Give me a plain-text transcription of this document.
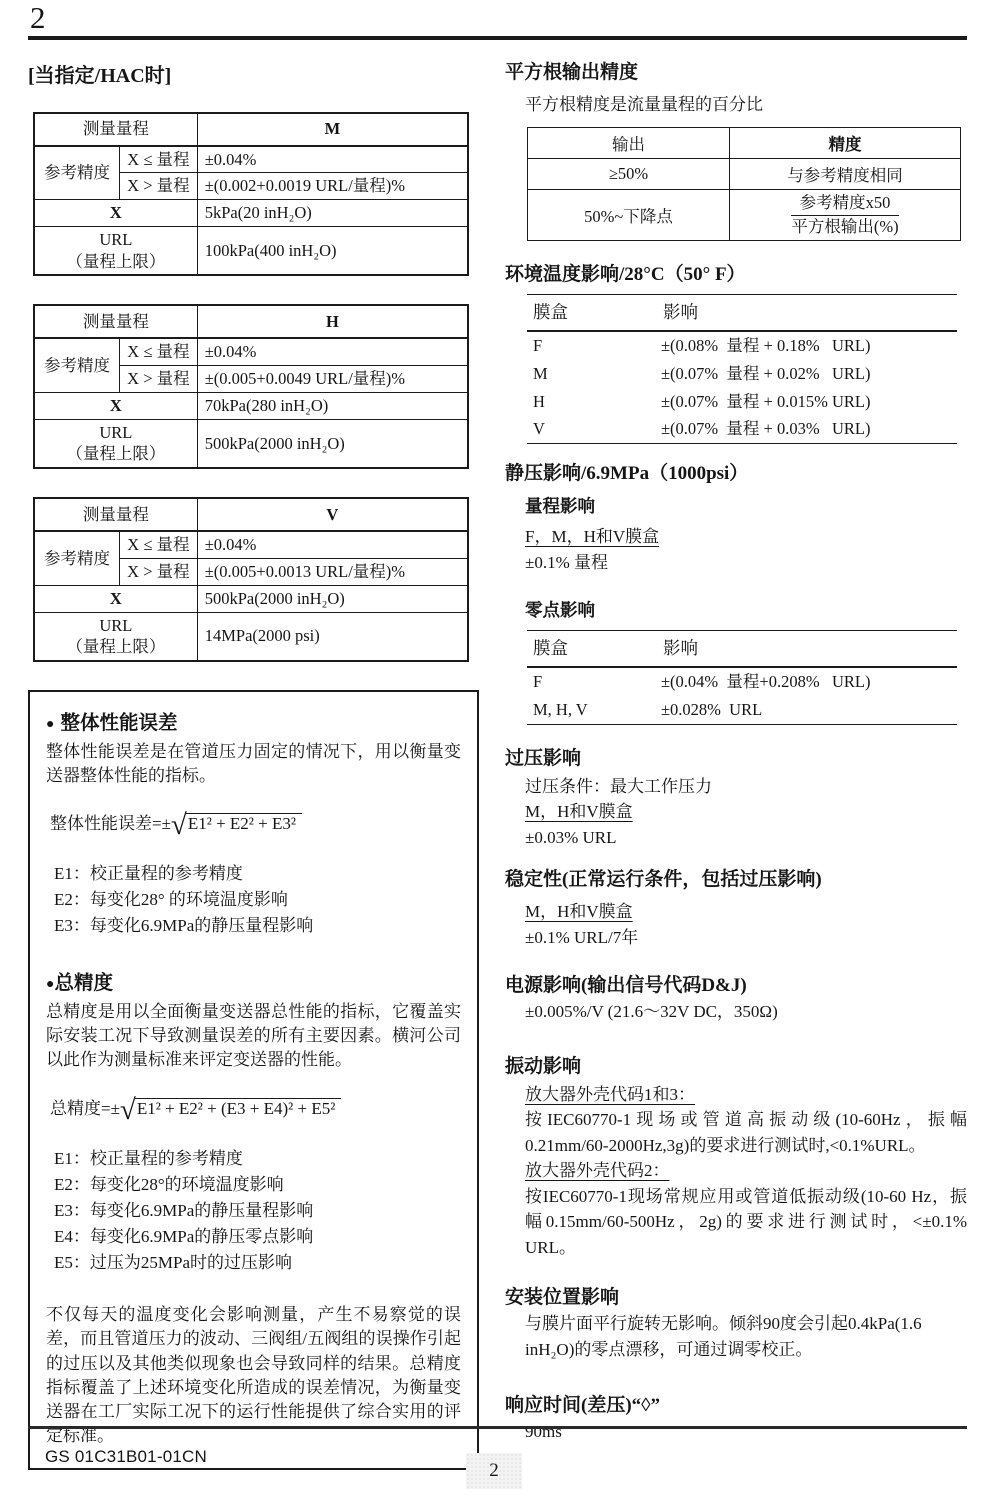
2
[当指定/HAC时]
测量量程		M
参考精度	X ≤ 量程	±0.04%
	X > 量程	±(0.002+0.0019 URL/量程)%
X		5kPa(20 inH₂O)

URL
（量程上限）		100kPa(400 inH₂O)
测量量程		H
参考精度	X ≤ 量程	±0.04%
	X > 量程	±(0.005+0.0049 URL/量程)%
X		70kPa(280 inH₂O)

URL
（量程上限）		500kPa(2000 inH₂O)
测量量程		V
参考精度	X ≤ 量程	±0.04%
	X > 量程	±(0.005+0.0013 URL/量程)%
X		500kPa(2000 inH₂O)

URL
（量程上限）		14MPa(2000 psi)
● 整体性能误差
整体性能误差是在管道压力固定的情况下，用以衡量变送器整体性能的指标。
整体性能误差=±√ E1² + E2² + E3²
E1：校正量程的参考精度
E2：每变化28° 的环境温度影响
E3：每变化6.9MPa的静压量程影响
●总精度
总精度是用以全面衡量变送器总性能的指标，它覆盖实际安装工况下导致测量误差的所有主要因素。横河公司以此作为测量标准来评定变送器的性能。
总精度=±√ E1² + E2² + (E3 + E4)² + E5²
E1：校正量程的参考精度
E2：每变化28°的环境温度影响
E3：每变化6.9MPa的静压量程影响
E4：每变化6.9MPa的静压零点影响
E5：过压为25MPa时的过压影响
不仅每天的温度变化会影响测量，产生不易察觉的误差，而且管道压力的波动、三阀组/五阀组的误操作引起的过压以及其他类似现象也会导致同样的结果。总精度指标覆盖了上述环境变化所造成的误差情况，为衡量变送器在工厂实际工况下的运行性能提供了综合实用的评定标准。
平方根输出精度
平方根精度是流量量程的百分比
输出	精度
≥50%	与参考精度相同
50%~下降点	$\frac{\text{参考精度x50}}{\text{平方根输出(\%)}}$
环境温度影响/28°C（50° F）
膜盒	影响
F	±(0.08%  量程 + 0.18%   URL)
M	±(0.07%  量程 + 0.02%   URL)
H	±(0.07%  量程 + 0.015% URL)
V	±(0.07%  量程 + 0.03%   URL)
静压影响/6.9MPa（1000psi）
量程影响
F，M，H和V膜盒
±0.1% 量程
零点影响
膜盒	影响
F	±(0.04%  量程+0.208%   URL)
M, H, V	±0.028%  URL
过压影响
过压条件：最大工作压力
M，H和V膜盒
±0.03% URL
稳定性(正常运行条件，包括过压影响)
M，H和V膜盒
±0.1% URL/7年
电源影响(输出信号代码D&J)
±0.005%/V (21.6～32V DC，350Ω)
振动影响
放大器外壳代码1和3：
按IEC60770-1现场或管道高振动级(10-60Hz，振幅0.21mm/60-2000Hz,3g)的要求进行测试时,<0.1%URL。
放大器外壳代码2：
按IEC60770-1现场常规应用或管道低振动级(10-60 Hz，振幅0.15mm/60-500Hz，2g)的要求进行测试时，<±0.1% URL。
安装位置影响
与膜片面平行旋转无影响。倾斜90度会引起0.4kPa(1.6 inH₂O)的零点漂移，可通过调零校正。
响应时间(差压)“◊”
90ms
GS 01C31B01-01CN
2
